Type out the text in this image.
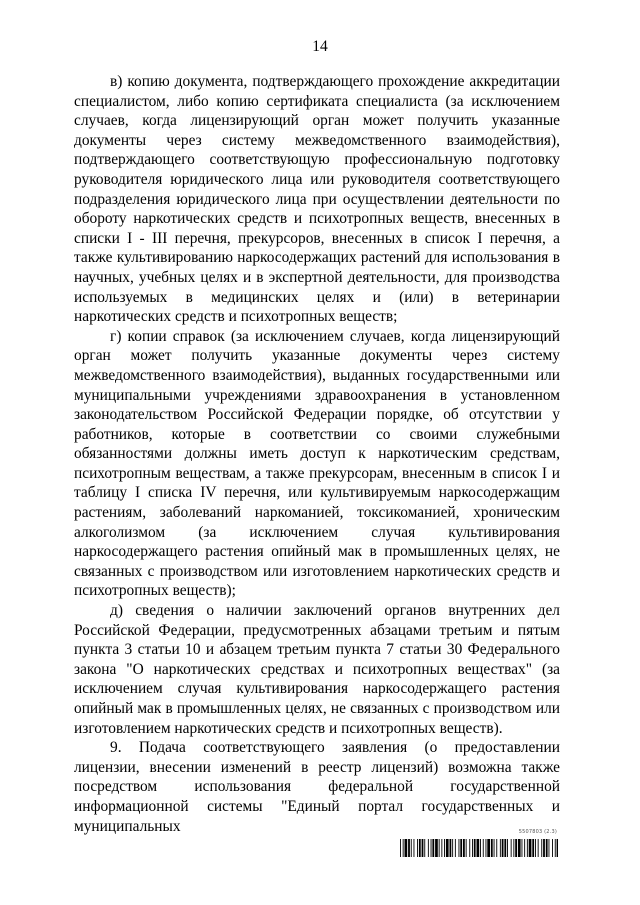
14

в) копию документа, подтверждающего прохождение аккредитации специалистом, либо копию сертификата специалиста (за исключением случаев, когда лицензирующий орган может получить указанные документы через систему межведомственного взаимодействия), подтверждающего соответствующую профессиональную подготовку руководителя юридического лица или руководителя соответствующего подразделения юридического лица при осуществлении деятельности по обороту наркотических средств и психотропных веществ, внесенных в списки I - III перечня, прекурсоров, внесенных в список I перечня, а также культивированию наркосодержащих растений для использования в научных, учебных целях и в экспертной деятельности, для производства используемых в медицинских целях и (или) в ветеринарии наркотических средств и психотропных веществ;

г) копии справок (за исключением случаев, когда лицензирующий орган может получить указанные документы через систему межведомственного взаимодействия), выданных государственными или муниципальными учреждениями здравоохранения в установленном законодательством Российской Федерации порядке, об отсутствии у работников, которые в соответствии со своими служебными обязанностями должны иметь доступ к наркотическим средствам, психотропным веществам, а также прекурсорам, внесенным в список I и таблицу I списка IV перечня, или культивируемым наркосодержащим растениям, заболеваний наркоманией, токсикоманией, хроническим алкоголизмом (за исключением случая культивирования наркосодержащего растения опийный мак в промышленных целях, не связанных с производством или изготовлением наркотических средств и психотропных веществ);

д) сведения о наличии заключений органов внутренних дел Российской Федерации, предусмотренных абзацами третьим и пятым пункта 3 статьи 10 и абзацем третьим пункта 7 статьи 30 Федерального закона "О наркотических средствах и психотропных веществах" (за исключением случая культивирования наркосодержащего растения опийный мак в промышленных целях, не связанных с производством или изготовлением наркотических средств и психотропных веществ).

9. Подача соответствующего заявления (о предоставлении лицензии, внесении изменений в реестр лицензий) возможна также посредством использования федеральной государственной информационной системы "Единый портал государственных и муниципальных	5507803 (2.3)
